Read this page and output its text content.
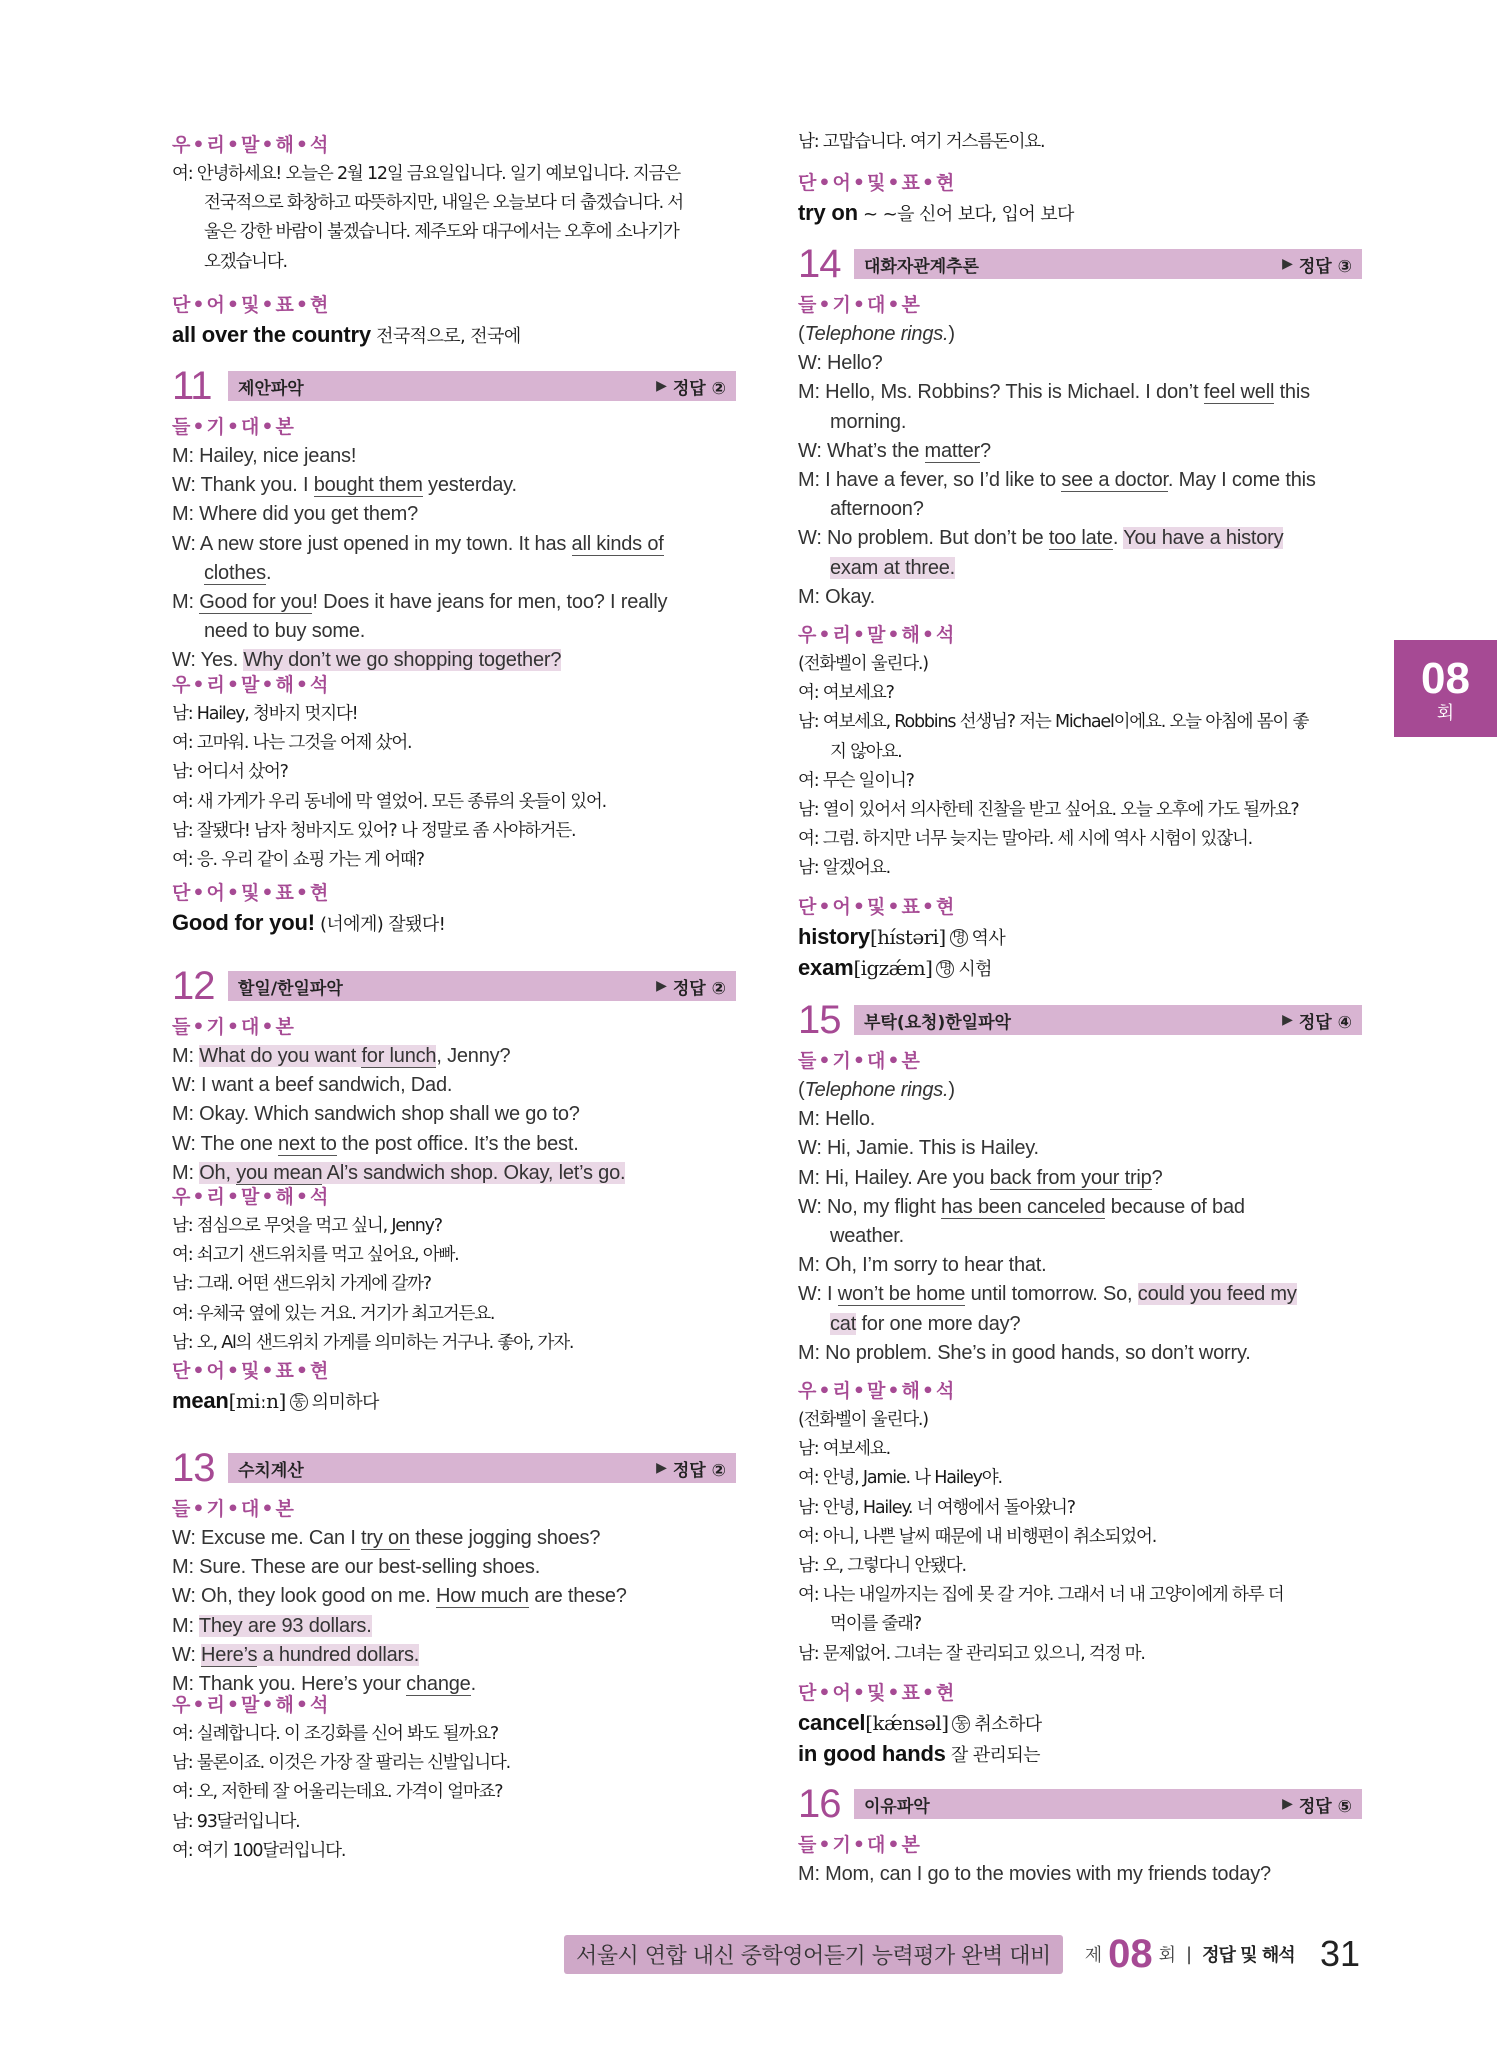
우•리•말•해•석
여: 안녕하세요! 오늘은 2월 12일 금요일입니다. 일기 예보입니다. 지금은
전국적으로 화창하고 따뜻하지만, 내일은 오늘보다 더 춥겠습니다. 서
울은 강한 바람이 불겠습니다. 제주도와 대구에서는 오후에 소나기가
오겠습니다.
단•어•및•표•현
all over the country 전국적으로, 전국에
11	제안파악	▶ 정답 ②
들•기•대•본
M: Hailey, nice jeans!
W: Thank you. I bought them yesterday.
M: Where did you get them?
W: A new store just opened in my town. It has all kinds of
clothes.
M: Good for you! Does it have jeans for men, too? I really
need to buy some.
W: Yes. Why don’t we go shopping together?
우•리•말•해•석
남: Hailey, 청바지 멋지다!
여: 고마워. 나는 그것을 어제 샀어.
남: 어디서 샀어?
여: 새 가게가 우리 동네에 막 열었어. 모든 종류의 옷들이 있어.
남: 잘됐다! 남자 청바지도 있어? 나 정말로 좀 사야하거든.
여: 응. 우리 같이 쇼핑 가는 게 어때?
단•어•및•표•현
Good for you! (너에게) 잘됐다!
12	할일/한일파악	▶ 정답 ②
들•기•대•본
M: What do you want for lunch, Jenny?
W: I want a beef sandwich, Dad.
M: Okay. Which sandwich shop shall we go to?
W: The one next to the post office. It’s the best.
M: Oh, you mean Al’s sandwich shop. Okay, let’s go.
우•리•말•해•석
남: 점심으로 무엇을 먹고 싶니, Jenny?
여: 쇠고기 샌드위치를 먹고 싶어요, 아빠.
남: 그래. 어떤 샌드위치 가게에 갈까?
여: 우체국 옆에 있는 거요. 거기가 최고거든요.
남: 오, Al의 샌드위치 가게를 의미하는 거구나. 좋아, 가자.
단•어•및•표•현
mean[miːn] 동 의미하다
13	수치계산	▶ 정답 ②
들•기•대•본
W: Excuse me. Can I try on these jogging shoes?
M: Sure. These are our best-selling shoes.
W: Oh, they look good on me. How much are these?
M: They are 93 dollars.
W: Here’s a hundred dollars.
M: Thank you. Here’s your change.
우•리•말•해•석
여: 실례합니다. 이 조깅화를 신어 봐도 될까요?
남: 물론이죠. 이것은 가장 잘 팔리는 신발입니다.
여: 오, 저한테 잘 어울리는데요. 가격이 얼마죠?
남: 93달러입니다.
여: 여기 100달러입니다.
남: 고맙습니다. 여기 거스름돈이요.
단•어•및•표•현
try on ~ ~을 신어 보다, 입어 보다
14	대화자관계추론	▶ 정답 ③
들•기•대•본
(Telephone rings.)
W: Hello?
M: Hello, Ms. Robbins? This is Michael. I don’t feel well this
morning.
W: What’s the matter?
M: I have a fever, so I’d like to see a doctor. May I come this
afternoon?
W: No problem. But don’t be too late. You have a history
exam at three.
M: Okay.
우•리•말•해•석
(전화벨이 울린다.)
여: 여보세요?
남: 여보세요, Robbins 선생님? 저는 Michael이에요. 오늘 아침에 몸이 좋
지 않아요.
여: 무슨 일이니?
남: 열이 있어서 의사한테 진찰을 받고 싶어요. 오늘 오후에 가도 될까요?
여: 그럼. 하지만 너무 늦지는 말아라. 세 시에 역사 시험이 있잖니.
남: 알겠어요.
단•어•및•표•현
history[hístəri] 명 역사
exam[igzǽm] 명 시험
15	부탁(요청)한일파악	▶ 정답 ④
들•기•대•본
(Telephone rings.)
M: Hello.
W: Hi, Jamie. This is Hailey.
M: Hi, Hailey. Are you back from your trip?
W: No, my flight has been canceled because of bad
weather.
M: Oh, I’m sorry to hear that.
W: I won’t be home until tomorrow. So, could you feed my
cat for one more day?
M: No problem. She’s in good hands, so don’t worry.
우•리•말•해•석
(전화벨이 울린다.)
남: 여보세요.
여: 안녕, Jamie. 나 Hailey야.
남: 안녕, Hailey. 너 여행에서 돌아왔니?
여: 아니, 나쁜 날씨 때문에 내 비행편이 취소되었어.
남: 오, 그렇다니 안됐다.
여: 나는 내일까지는 집에 못 갈 거야. 그래서 너 내 고양이에게 하루 더
먹이를 줄래?
남: 문제없어. 그녀는 잘 관리되고 있으니, 걱정 마.
단•어•및•표•현
cancel[kǽnsəl] 동 취소하다
in good hands 잘 관리되는
16	이유파악	▶ 정답 ⑤
들•기•대•본
M: Mom, can I go to the movies with my friends today?
08
회
서울시 연합 내신 중학영어듣기 능력평가 완벽 대비	제 08 회 | 정답 및 해석 31
